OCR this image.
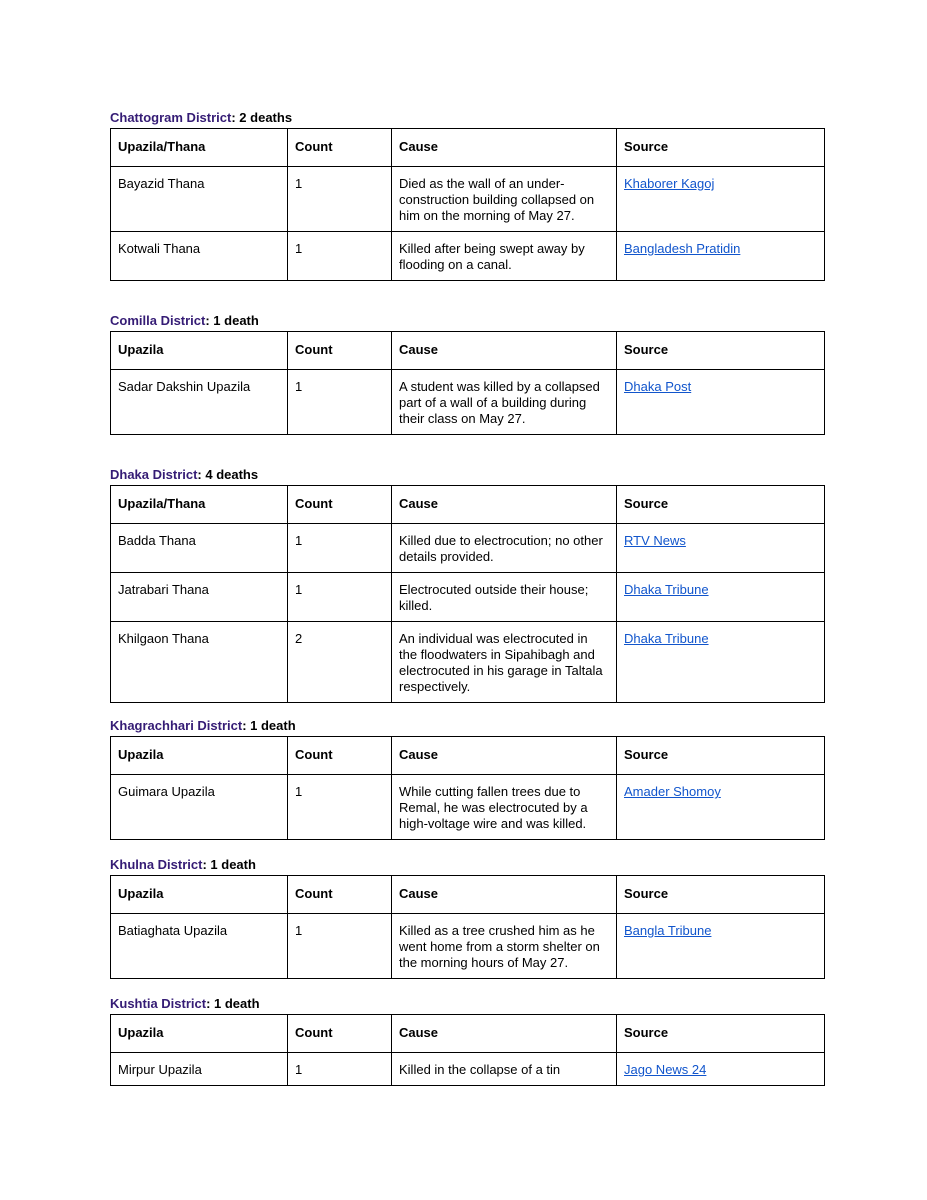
Chattogram District: 2 deaths
Upazila/Thana	Count	Cause	Source
Bayazid Thana	1	Died as the wall of an under-construction building collapsed on him on the morning of May 27.	Khaborer Kagoj
Kotwali Thana	1	Killed after being swept away by flooding on a canal.	Bangladesh Pratidin
Comilla District: 1 death
Upazila	Count	Cause	Source
Sadar Dakshin Upazila	1	A student was killed by a collapsed part of a wall of a building during their class on May 27.	Dhaka Post
Dhaka District: 4 deaths
Upazila/Thana	Count	Cause	Source
Badda Thana	1	Killed due to electrocution; no other details provided.	RTV News
Jatrabari Thana	1	Electrocuted outside their house; killed.	Dhaka Tribune
Khilgaon Thana	2	An individual was electrocuted in the floodwaters in Sipahibagh and electrocuted in his garage in Taltala respectively.	Dhaka Tribune
Khagrachhari District: 1 death
Upazila	Count	Cause	Source
Guimara Upazila	1	While cutting fallen trees due to Remal, he was electrocuted by a high-voltage wire and was killed.	Amader Shomoy
Khulna District: 1 death
Upazila	Count	Cause	Source
Batiaghata Upazila	1	Killed as a tree crushed him as he went home from a storm shelter on the morning hours of May 27.	Bangla Tribune
Kushtia District: 1 death
Upazila	Count	Cause	Source
Mirpur Upazila	1	Killed in the collapse of a tin	Jago News 24
